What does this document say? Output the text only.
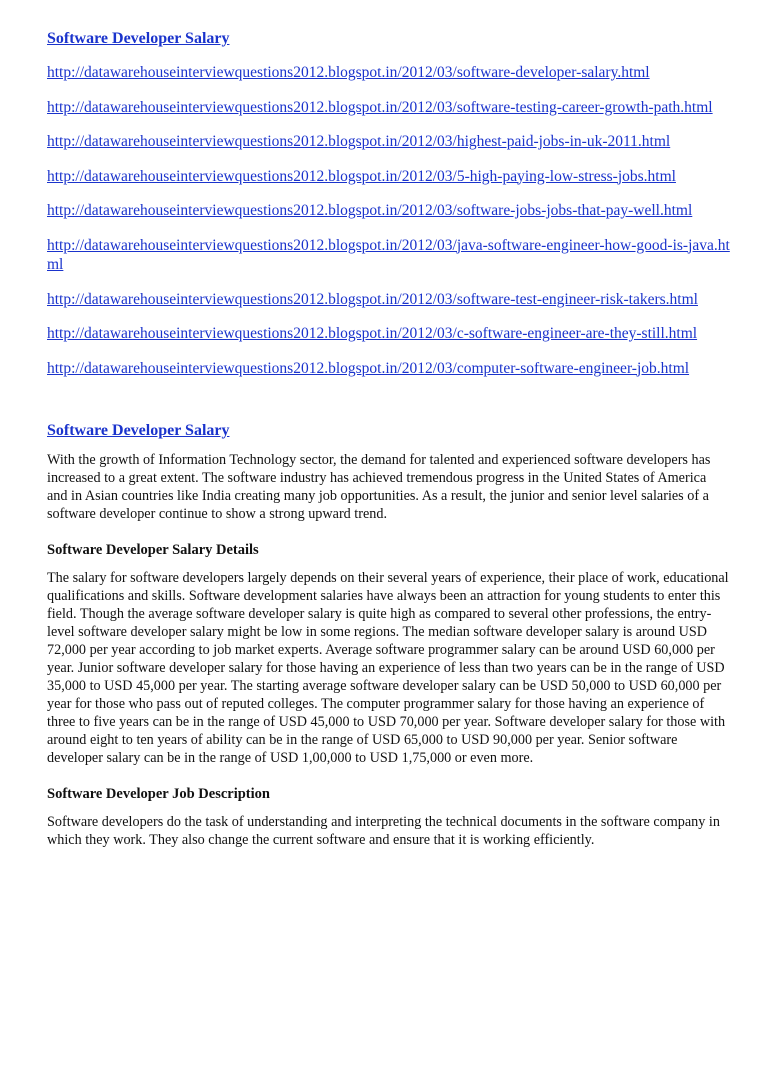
Software Developer Salary
http://datawarehouseinterviewquestions2012.blogspot.in/2012/03/software-developer-salary.html
http://datawarehouseinterviewquestions2012.blogspot.in/2012/03/software-testing-career-growth-path.html
http://datawarehouseinterviewquestions2012.blogspot.in/2012/03/highest-paid-jobs-in-uk-2011.html
http://datawarehouseinterviewquestions2012.blogspot.in/2012/03/5-high-paying-low-stress-jobs.html
http://datawarehouseinterviewquestions2012.blogspot.in/2012/03/software-jobs-jobs-that-pay-well.html
http://datawarehouseinterviewquestions2012.blogspot.in/2012/03/java-software-engineer-how-good-is-java.html
http://datawarehouseinterviewquestions2012.blogspot.in/2012/03/software-test-engineer-risk-takers.html
http://datawarehouseinterviewquestions2012.blogspot.in/2012/03/c-software-engineer-are-they-still.html
http://datawarehouseinterviewquestions2012.blogspot.in/2012/03/computer-software-engineer-job.html
Software Developer Salary

With the growth of Information Technology sector, the demand for talented and experienced software developers has increased to a great extent. The software industry has achieved tremendous progress in the United States of America and in Asian countries like India creating many job opportunities. As a result, the junior and senior level salaries of a software developer continue to show a strong upward trend.

Software Developer Salary Details

The salary for software developers largely depends on their several years of experience, their place of work, educational qualifications and skills. Software development salaries have always been an attraction for young students to enter this field. Though the average software developer salary is quite high as compared to several other professions, the entry-level software developer salary might be low in some regions. The median software developer salary is around USD 72,000 per year according to job market experts. Average software programmer salary can be around USD 60,000 per year. Junior software developer salary for those having an experience of less than two years can be in the range of USD 35,000 to USD 45,000 per year. The starting average software developer salary can be USD 50,000 to USD 60,000 per year for those who pass out of reputed colleges. The computer programmer salary for those having an experience of three to five years can be in the range of USD 45,000 to USD 70,000 per year. Software developer salary for those with around eight to ten years of ability can be in the range of USD 65,000 to USD 90,000 per year. Senior software developer salary can be in the range of USD 1,00,000 to USD 1,75,000 or even more.

Software Developer Job Description

Software developers do the task of understanding and interpreting the technical documents in the software company in which they work. They also change the current software and ensure that it is working efficiently.
